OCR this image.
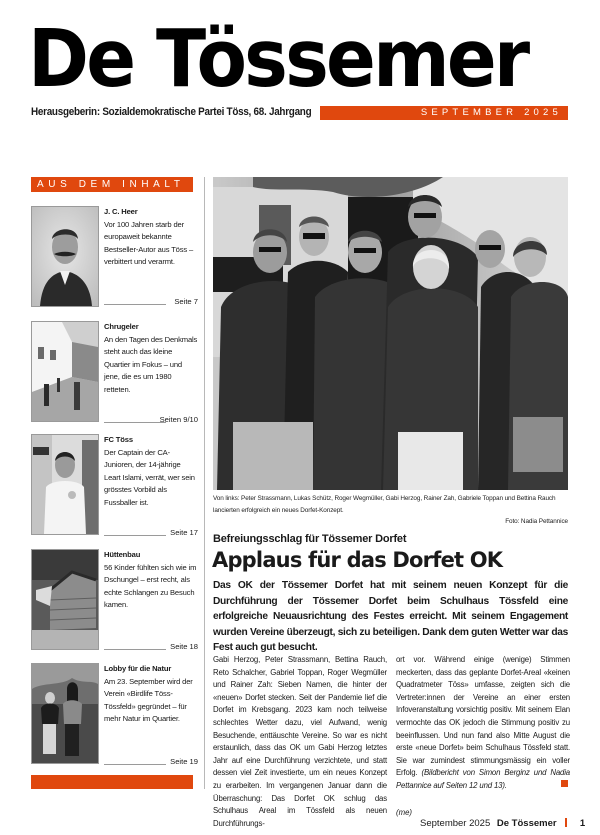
De Tössemer
Herausgeberin: Sozialdemokratische Partei Töss, 68. Jahrgang	SEPTEMBER 2025
AUS DEM INHALT
J. C. Heer
Vor 100 Jahren starb der europaweit bekannte Bestseller-Autor aus Töss – verbittert und verarmt.
Seite 7
Chrugeler
An den Tagen des Denkmals steht auch das kleine Quartier im Fokus – und jene, die es um 1980 retteten.
Seiten 9/10
FC Töss
Der Captain der CA-Junioren, der 14-jährige Leart Islami, verrät, wer sein grösstes Vorbild als Fussballer ist.
Seite 17
Hüttenbau
56 Kinder fühlten sich wie im Dschungel – erst recht, als echte Schlangen zu Besuch kamen.
Seite 18
Lobby für die Natur
Am 23. September wird der Verein «Birdlife Töss-Tössfeld» gegründet – für mehr Natur im Quartier.
Seite 19
Von links: Peter Strassmann, Lukas Schütz, Roger Wegmüller, Gabi Herzog, Rainer Zah, Gabriele Toppan und Bettina Rauch lancierten erfolgreich ein neues Dorfet-Konzept.
Foto: Nadia Pettannice
Befreiungsschlag für Tössemer Dorfet
Applaus für das Dorfet OK
Das OK der Tössemer Dorfet hat mit seinem neuen Konzept für die Durchführung der Tössemer Dorfet beim Schulhaus Tössfeld eine erfolgreiche Neuausrichtung des Festes erreicht. Mit seinem Engagement wurden Vereine überzeugt, sich zu beteiligen. Dank dem guten Wetter war das Fest auch gut besucht.
Gabi Herzog, Peter Strassmann, Bettina Rauch, Reto Schalcher, Gabriel Toppan, Roger Wegmüller und Rainer Zah: Sieben Namen, die hinter der «neuen» Dorfet stecken. Seit der Pandemie lief die Dorfet im Krebsgang. 2023 kam noch teilweise schlechtes Wetter dazu, viel Aufwand, wenig Besuchende, enttäuschte Vereine. So war es nicht erstaunlich, dass das OK um Gabi Herzog letztes Jahr auf eine Durchführung verzichtete, und statt dessen viel Zeit investierte, um ein neues Konzept zu erarbeiten. Im vergangenen Januar dann die Überraschung: Das Dorfet OK schlug das Schulhaus Areal im Tössfeld als neuen Durchführungs-
ort vor. Während einige (wenige) Stimmen meckerten, dass das geplante Dorfet-Areal «keinen Quadratmeter Töss» umfasse, zeigten sich die Vertreter:innen der Vereine an einer ersten Infoveranstaltung vorsichtig positiv. Mit seinem Elan vermochte das OK jedoch die Stimmung positiv zu beeinflussen. Und nun fand also Mitte August die erste «neue Dorfet» beim Schulhaus Tössfeld statt. Sie war zumindest stimmungsmässig ein voller Erfolg. (Bildbericht von Simon Berginz und Nadia Pettannice auf Seiten 12 und 13).
(me)
September 2025 De Tössemer 1
